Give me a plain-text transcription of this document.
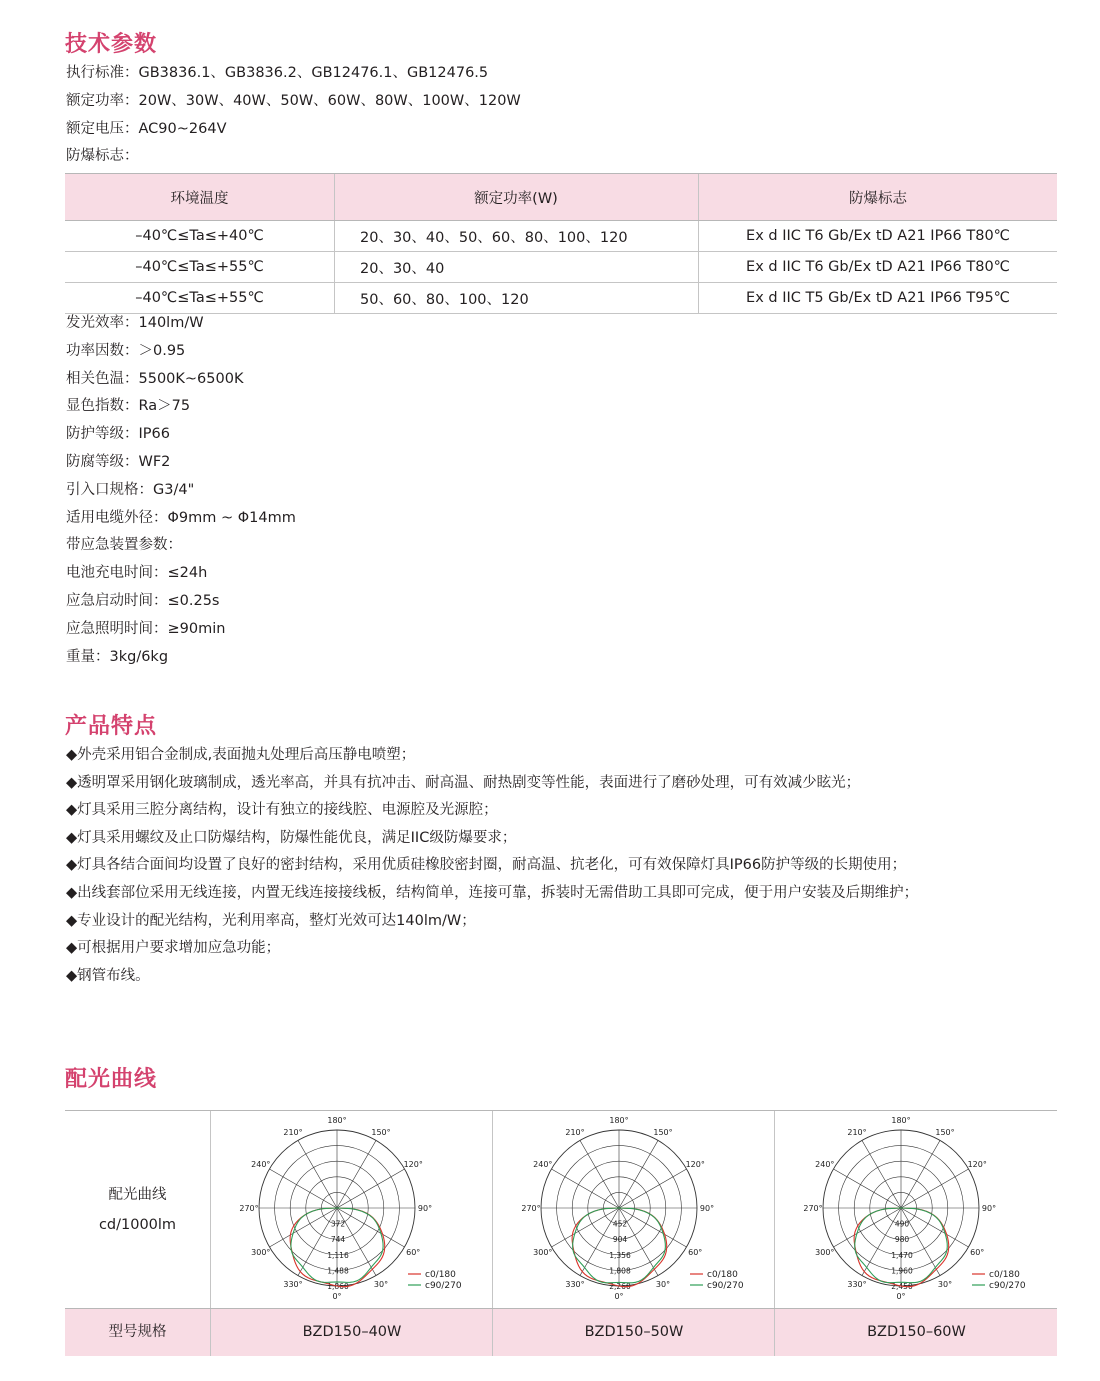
技术参数
执行标准：GB3836.1、GB3836.2、GB12476.1、GB12476.5
额定功率：20W、30W、40W、50W、60W、80W、100W、120W
额定电压：AC90~264V
防爆标志：
环境温度	额定功率(W)	防爆标志
–40℃≤Ta≤+40℃	20、30、40、50、60、80、100、120	Ex d IIC T6 Gb/Ex tD A21 IP66 T80℃
–40℃≤Ta≤+55℃	20、30、40	Ex d IIC T6 Gb/Ex tD A21 IP66 T80℃
–40℃≤Ta≤+55℃	50、60、80、100、120	Ex d IIC T5 Gb/Ex tD A21 IP66 T95℃
发光效率：140lm/W
功率因数：＞0.95
相关色温：5500K~6500K
显色指数：Ra＞75
防护等级：IP66
防腐等级：WF2
引入口规格：G3/4"
适用电缆外径：Φ9mm ~ Φ14mm
带应急装置参数：
电池充电时间：≤24h
应急启动时间：≤0.25s
应急照明时间：≥90min
重量：3kg/6kg
产品特点
◆外壳采用铝合金制成,表面抛丸处理后高压静电喷塑；
◆透明罩采用钢化玻璃制成，透光率高，并具有抗冲击、耐高温、耐热剧变等性能，表面进行了磨砂处理，可有效减少眩光；
◆灯具采用三腔分离结构，设计有独立的接线腔、电源腔及光源腔；
◆灯具采用螺纹及止口防爆结构，防爆性能优良，满足IIC级防爆要求；
◆灯具各结合面间均设置了良好的密封结构，采用优质硅橡胶密封圈，耐高温、抗老化，可有效保障灯具IP66防护等级的长期使用；
◆出线套部位采用无线连接，内置无线连接接线板，结构简单，连接可靠，拆装时无需借助工具即可完成，便于用户安装及后期维护；
◆专业设计的配光结构，光利用率高，整灯光效可达140lm/W；
◆可根据用户要求增加应急功能；
◆钢管布线。
配光曲线
配光曲线
cd/1000lm
180°
150°
120°
90°
60°
30°
0°
330°
300°
270°
240°
210°
372
744
1,116
1,488
1,860
c0/180
c90/270
180°
150°
120°
90°
60°
30°
0°
330°
300°
270°
240°
210°
452
904
1,356
1,808
2,260
c0/180
c90/270
180°
150°
120°
90°
60°
30°
0°
330°
300°
270°
240°
210°
490
980
1,470
1,960
2,450
c0/180
c90/270
型号规格	BZD150–40W	BZD150–50W	BZD150–60W
